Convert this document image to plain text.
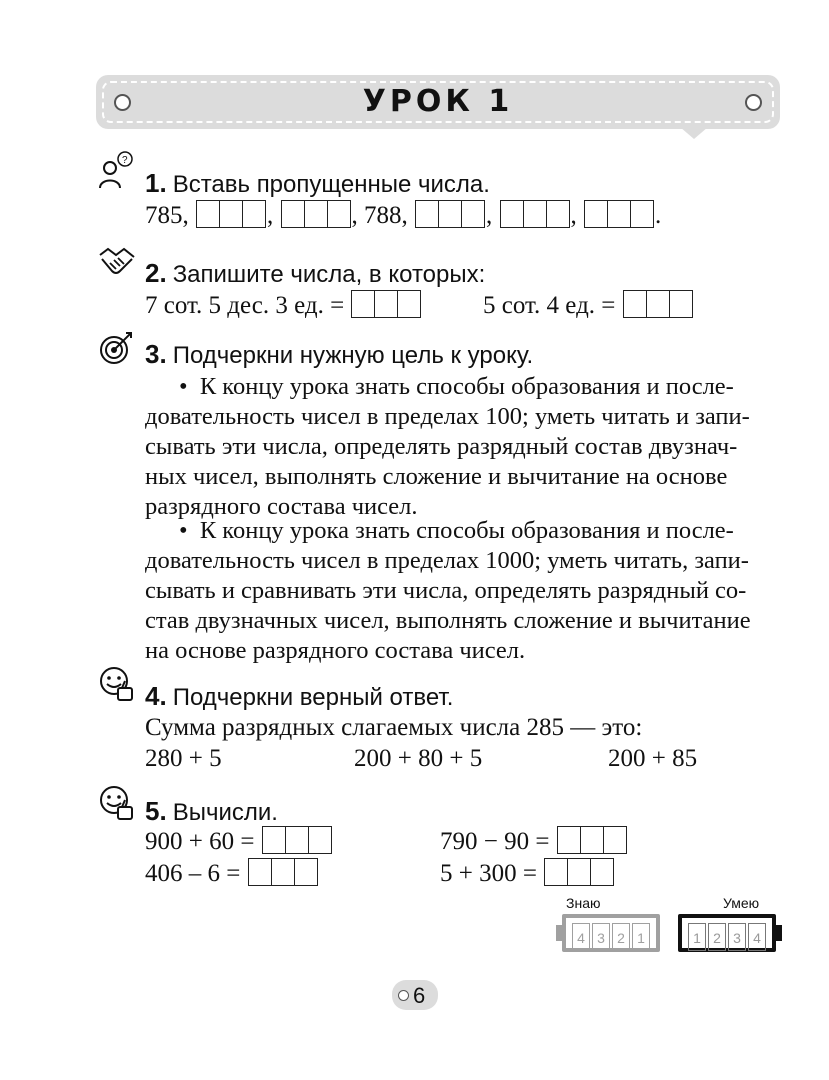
УРОК 1
?
1. Вставь пропущенные числа.
785,	,	, 788,	,	,	.
2. Запишите числа, в которых:
7 сот. 5 дес. 3 ед. =	5 сот. 4 ед. =
3. Подчеркни нужную цель к уроку.
• К концу урока знать способы образования и после-
довательность чисел в пределах 100; уметь читать и запи-
сывать эти числа, определять разрядный состав двузнач-
ных чисел, выполнять сложение и вычитание на основе
разрядного состава чисел.
• К концу урока знать способы образования и после-
довательность чисел в пределах 1000; уметь читать, запи-
сывать и сравнивать эти числа, определять разрядный со-
став двузначных чисел, выполнять сложение и вычитание
на основе разрядного состава чисел.
4. Подчеркни верный ответ.
Сумма разрядных слагаемых числа 285 — это:
280 + 5	200 + 80 + 5	200 + 85
5. Вычисли.
900 + 60 =	790 − 90 =
406 – 6 =	5 + 300 =
Знаю	Умею
4 3 2 1	1 2 3 4
6
